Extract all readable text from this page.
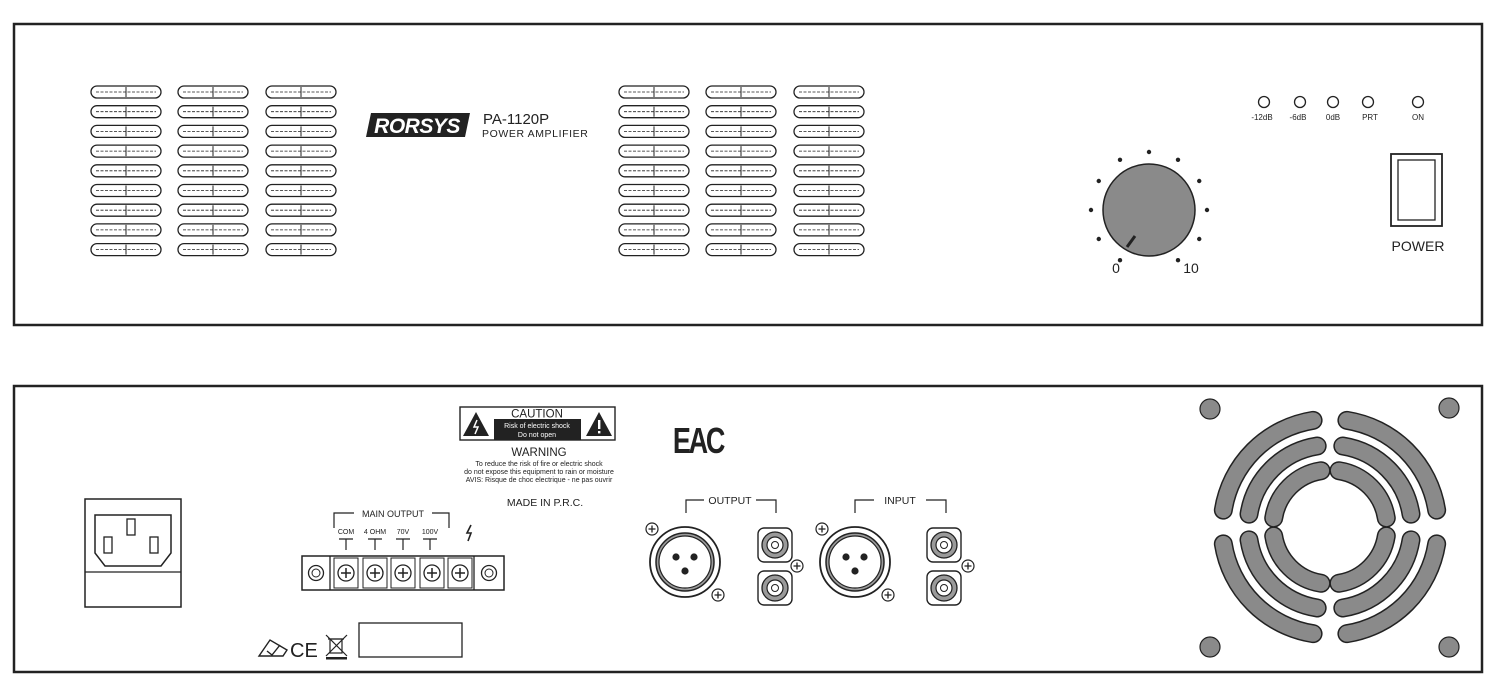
RORSYS PA-1120P
POWER AMPLIFIER
-12dB -6dB 0dB	PRT	ON
0	10
POWER
MAIN OUTPUT
COM 4 OHM 70V 100V
CE
CAUTION
Risk of electric shock
Do not open
WARNING
To reduce the risk of fire or electric shock
do not expose this equipment to rain or moisture
AVIS: Risque de choc electrique - ne pas ouvrir
MADE IN P.R.C.
EAC
OUTPUT	INPUT
